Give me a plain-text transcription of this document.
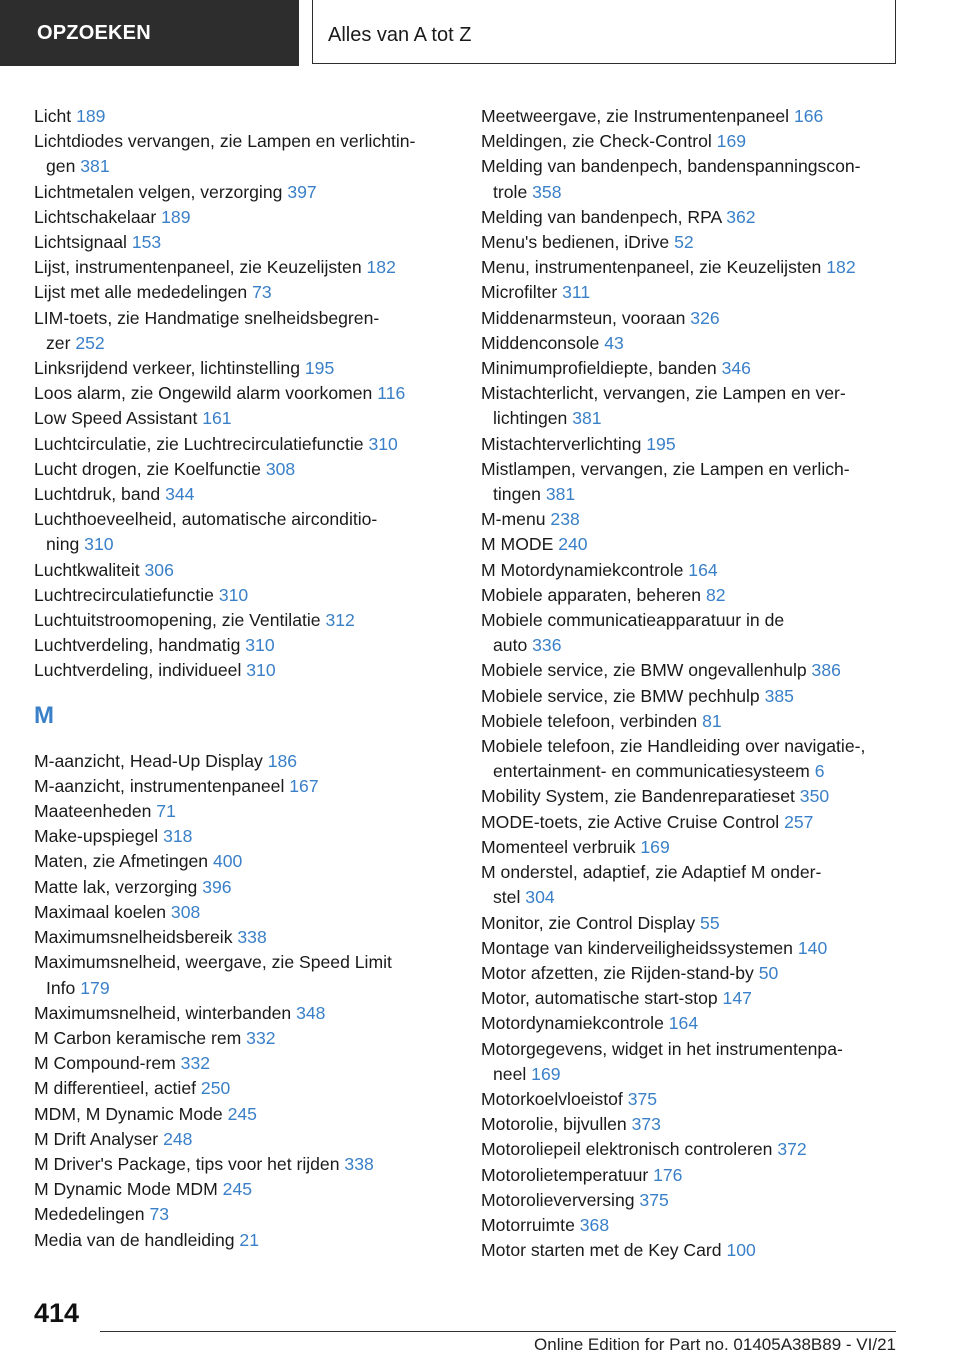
OPZOEKEN	Alles van A tot Z
Licht 189
Lichtdiodes vervangen, zie Lampen en verlichtin-
gen 381
Lichtmetalen velgen, verzorging 397
Lichtschakelaar 189
Lichtsignaal 153
Lijst, instrumentenpaneel, zie Keuzelijsten 182
Lijst met alle mededelingen 73
LIM-toets, zie Handmatige snelheidsbegren-
zer 252
Linksrijdend verkeer, lichtinstelling 195
Loos alarm, zie Ongewild alarm voorkomen 116
Low Speed Assistant 161
Luchtcirculatie, zie Luchtrecirculatiefunctie 310
Lucht drogen, zie Koelfunctie 308
Luchtdruk, band 344
Luchthoeveelheid, automatische airconditio-
ning 310
Luchtkwaliteit 306
Luchtrecirculatiefunctie 310
Luchtuitstroomopening, zie Ventilatie 312
Luchtverdeling, handmatig 310
Luchtverdeling, individueel 310
M
M-aanzicht, Head-Up Display 186
M-aanzicht, instrumentenpaneel 167
Maateenheden 71
Make-upspiegel 318
Maten, zie Afmetingen 400
Matte lak, verzorging 396
Maximaal koelen 308
Maximumsnelheidsbereik 338
Maximumsnelheid, weergave, zie Speed Limit
Info 179
Maximumsnelheid, winterbanden 348
M Carbon keramische rem 332
M Compound-rem 332
M differentieel, actief 250
MDM, M Dynamic Mode 245
M Drift Analyser 248
M Driver's Package, tips voor het rijden 338
M Dynamic Mode MDM 245
Mededelingen 73
Media van de handleiding 21
Meetweergave, zie Instrumentenpaneel 166
Meldingen, zie Check-Control 169
Melding van bandenpech, bandenspanningscon-
trole 358
Melding van bandenpech, RPA 362
Menu's bedienen, iDrive 52
Menu, instrumentenpaneel, zie Keuzelijsten 182
Microfilter 311
Middenarmsteun, vooraan 326
Middenconsole 43
Minimumprofieldiepte, banden 346
Mistachterlicht, vervangen, zie Lampen en ver-
lichtingen 381
Mistachterverlichting 195
Mistlampen, vervangen, zie Lampen en verlich-
tingen 381
M-menu 238
M MODE 240
M Motordynamiekcontrole 164
Mobiele apparaten, beheren 82
Mobiele communicatieapparatuur in de
auto 336
Mobiele service, zie BMW ongevallenhulp 386
Mobiele service, zie BMW pechhulp 385
Mobiele telefoon, verbinden 81
Mobiele telefoon, zie Handleiding over navigatie-,
entertainment- en communicatiesysteem 6
Mobility System, zie Bandenreparatieset 350
MODE-toets, zie Active Cruise Control 257
Momenteel verbruik 169
M onderstel, adaptief, zie Adaptief M onder-
stel 304
Monitor, zie Control Display 55
Montage van kinderveiligheidssystemen 140
Motor afzetten, zie Rijden-stand-by 50
Motor, automatische start-stop 147
Motordynamiekcontrole 164
Motorgegevens, widget in het instrumentenpa-
neel 169
Motorkoelvloeistof 375
Motorolie, bijvullen 373
Motoroliepeil elektronisch controleren 372
Motorolietemperatuur 176
Motorolieverversing 375
Motorruimte 368
Motor starten met de Key Card 100
414
Online Edition for Part no. 01405A38B89 - VI/21
